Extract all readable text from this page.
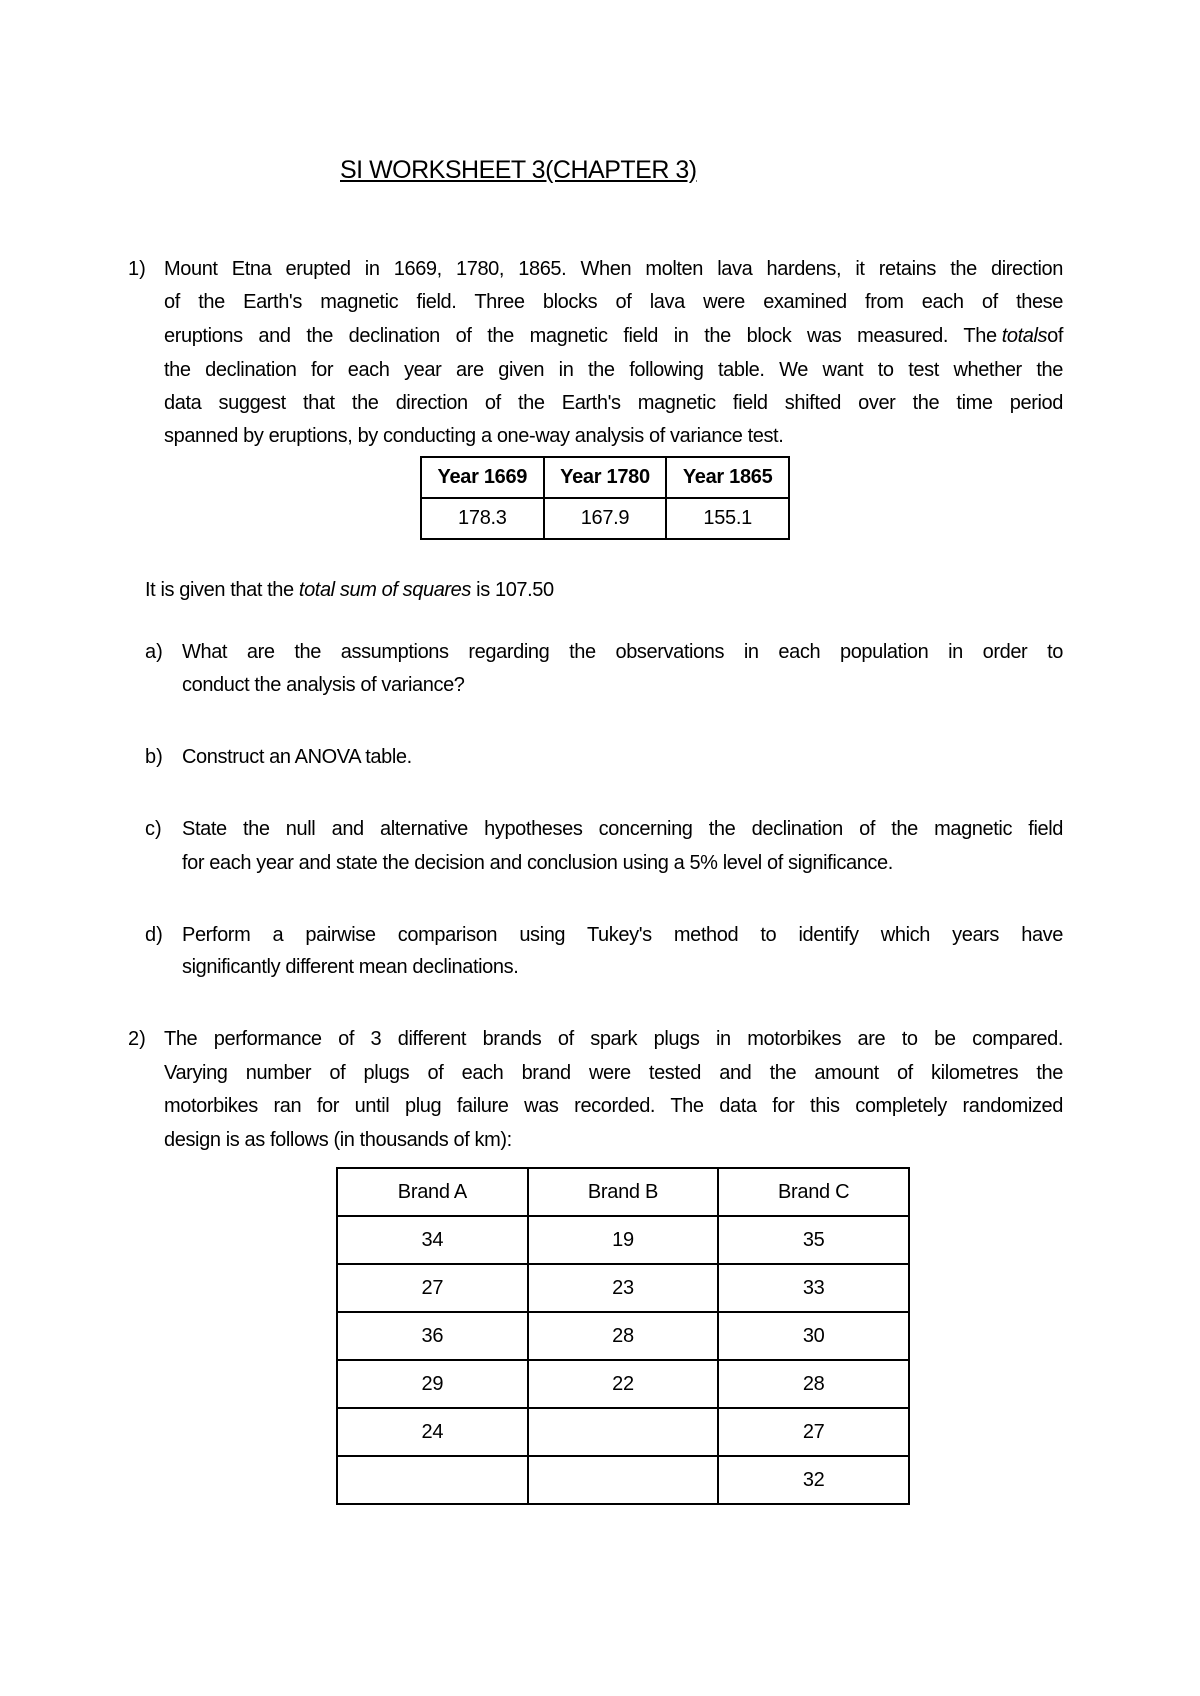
SI WORKSHEET 3(CHAPTER 3)
1) Mount Etna erupted in 1669, 1780, 1865. When molten lava hardens, it retains the direction
of the Earth's magnetic field. Three blocks of lava were examined from each of these
eruptions and the declination of the magnetic field in the block was measured. The totals of
the declination for each year are given in the following table. We want to test whether the
data suggest that the direction of the Earth's magnetic field shifted over the time period
spanned by eruptions, by conducting a one-way analysis of variance test.
Year 1669	Year 1780	Year 1865
178.3	167.9	155.1
It is given that the total sum of squares is 107.50
a) What are the assumptions regarding the observations in each population in order to
conduct the analysis of variance?
b) Construct an ANOVA table.
c) State the null and alternative hypotheses concerning the declination of the magnetic field
for each year and state the decision and conclusion using a 5% level of significance.
d) Perform a pairwise comparison using Tukey's method to identify which years have
significantly different mean declinations.
2) The performance of 3 different brands of spark plugs in motorbikes are to be compared.
Varying number of plugs of each brand were tested and the amount of kilometres the
motorbikes ran for until plug failure was recorded. The data for this completely randomized
design is as follows (in thousands of km):
Brand A	Brand B	Brand C
34	19	35
27	23	33
36	28	30
29	22	28
24		27
		32
